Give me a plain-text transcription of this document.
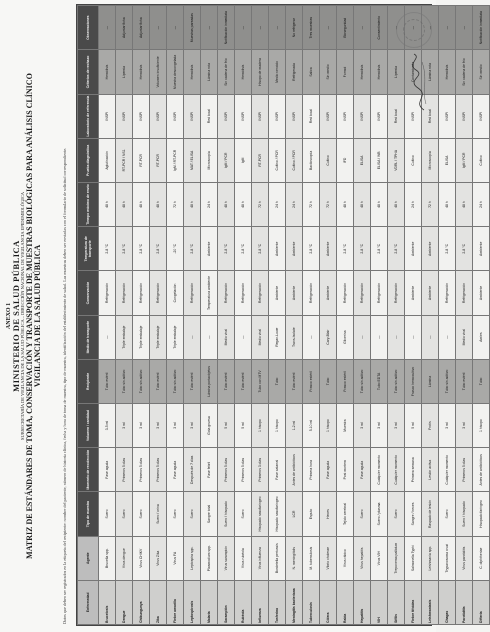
ANEXO 1 MINISTERIO DE SALUD PÚBLICA
SUBSECRETARÍA DE VIGILANCIA DE LA SALUD PÚBLICA – DIRECCIÓN NACIONAL DE VIGILANCIA EPIDEMIOLÓGICA MATRIZ DE ESTÁNDARES DE TOMA, CONSERVACIÓN Y TRANSPORTE DE MUESTRAS BIOLÓGICAS PARA ANÁLISIS CLÍNICO VIGILANCIA DE LA SALUD PÚBLICA	Datos que deben ser registrados en la etiqueta del recipiente: nombre del paciente, número de historia clínica, fecha y hora de toma de muestra, tipo de muestra, identificación del establecimiento de salud. Las muestras deben ser enviadas con el formulario de solicitud correspondiente.	Enfermedad	Agente	Tipo de muestra	Momento de recolección	Volumen / cantidad	Recipiente	Medio de transporte	Conservación	Temperatura de transporte	Tiempo máximo de envío	Prueba diagnóstica	Laboratorio de referencia	Criterios de rechazo	Observaciones
Brucelosis	Brucella spp.	Suero	Fase aguda	3-5 ml	Tubo estéril	—	Refrigeración	2-8 °C	48 h	Aglutinación	INSPI	Hemólisis	—
Dengue	Virus dengue	Suero	Primeros 5 días	3 ml	Tubo sin aditivo	Triple embalaje	Refrigeración	2-8 °C	48 h	RT-PCR / NS1	INSPI	Lipemia	Adjuntar ficha
Chikungunya	Virus CHIKV	Suero	Primeros 5 días	3 ml	Tubo sin aditivo	Triple embalaje	Refrigeración	2-8 °C	48 h	RT-PCR	INSPI	Hemólisis	Adjuntar ficha
Zika	Virus Zika	Suero / orina	Primeros 5 días	3 ml	Tubo estéril	Triple embalaje	Refrigeración	2-8 °C	48 h	RT-PCR	INSPI	Volumen insuficiente	—
Fiebre amarilla	Virus FA	Suero	Fase aguda	3 ml	Tubo sin aditivo	Triple embalaje	Congelación	-20 °C	72 h	IgM / RT-PCR	INSPI	Muestra descongelada	—
Leptospirosis	Leptospira spp.	Suero	Después de 7 días	3 ml	Tubo estéril	—	Refrigeración	2-8 °C	48 h	MAT / ELISA	INSPI	Hemólisis	Muestras pareadas
Malaria	Plasmodium spp.	Sangre total	Fase febril	Gota gruesa	Lámina portaobjetos	—	Temperatura ambiente	Ambiente	24 h	Microscopía	Red local	Lámina rota	—
Sarampión	Virus sarampión	Suero / hisopado	Primeros 5 días	5 ml	Tubo estéril	Medio viral	Refrigeración	2-8 °C	48 h	IgM / PCR	INSPI	Sin cadena de frío	Notificación inmediata
Rubéola	Virus rubéola	Suero	Primeros 5 días	5 ml	Tubo estéril	—	Refrigeración	2-8 °C	48 h	IgM	INSPI	Hemólisis	—
Influenza	Virus influenza	Hisopado nasofaríngeo	Primeros 3 días	1 hisopo	Tubo con MTV	Medio viral	Refrigeración	2-8 °C	72 h	RT-PCR	INSPI	Hisopo de madera	—
Tosferina	Bordetella pertussis	Hisopado nasofaríngeo	Fase catarral	1 hisopo	Tubo	Regan-Lowe	Ambiente	Ambiente	24 h	Cultivo / PCR	INSPI	Medio vencido	—
Meningitis bacteriana	N. meningitidis	LCR	Antes de antibióticos	1-2 ml	Tubo estéril	Trans-Isolate	Ambiente	Ambiente	24 h	Cultivo / PCR	INSPI	Refrigerada	No refrigerar
Tuberculosis	M. tuberculosis	Esputo	Primera hora	5-10 ml	Frasco estéril	—	Refrigeración	2-8 °C	72 h	Baciloscopía	Red local	Saliva	Tres muestras
Cólera	Vibrio cholerae	Heces	Fase aguda	1 hisopo	Tubo	Cary-Blair	Ambiente	Ambiente	72 h	Cultivo	INSPI	Sin medio	—
Rabia	Virus rábico	Tejido cerebral	Post mortem	Muestra	Frasco estéril	Glicerina	Refrigeración	2-8 °C	48 h	IFD	INSPI	Formol	Bioseguridad
Hepatitis	Virus hepatitis	Suero	Fase aguda	3 ml	Tubo sin aditivo	—	Refrigeración	2-8 °C	48 h	ELISA	INSPI	Hemólisis	—
VIH	Virus VIH	Suero / plasma	Cualquier momento	3 ml	Tubo EDTA	—	Refrigeración	2-8 °C	48 h	ELISA / WB	INSPI	Hemólisis	Consentimiento
Sífilis	Treponema pallidum	Suero	Cualquier momento	3 ml	Tubo sin aditivo	—	Refrigeración	2-8 °C	48 h	VDRL / TPHA	Red local	Lipemia	—
Fiebre tifoidea	Salmonella Typhi	Sangre / heces	Primera semana	5 ml	Frasco hemocultivo	—	Ambiente	Ambiente	24 h	Cultivo	INSPI	Contaminada	—
Leishmaniasis	Leishmania spp.	Raspado de lesión	Lesión activa	Frotis	Lámina	—	Ambiente	Ambiente	72 h	Microscopía	Red local	Lámina rota	—
Chagas	Trypanosoma cruzi	Suero	Cualquier momento	3 ml	Tubo sin aditivo	—	Refrigeración	2-8 °C	48 h	ELISA	INSPI	Hemólisis	—
Parotiditis	Virus parotiditis	Suero / hisopado	Primeros 5 días	3 ml	Tubo estéril	Medio viral	Refrigeración	2-8 °C	48 h	IgM / PCR	INSPI	Sin cadena de frío	—
Difteria	C. diphtheriae	Hisopado faríngeo	Antes de antibióticos	1 hisopo	Tubo	Amies	Ambiente	Ambiente	24 h	Cultivo	INSPI	Sin medio	Notificación inmediata
